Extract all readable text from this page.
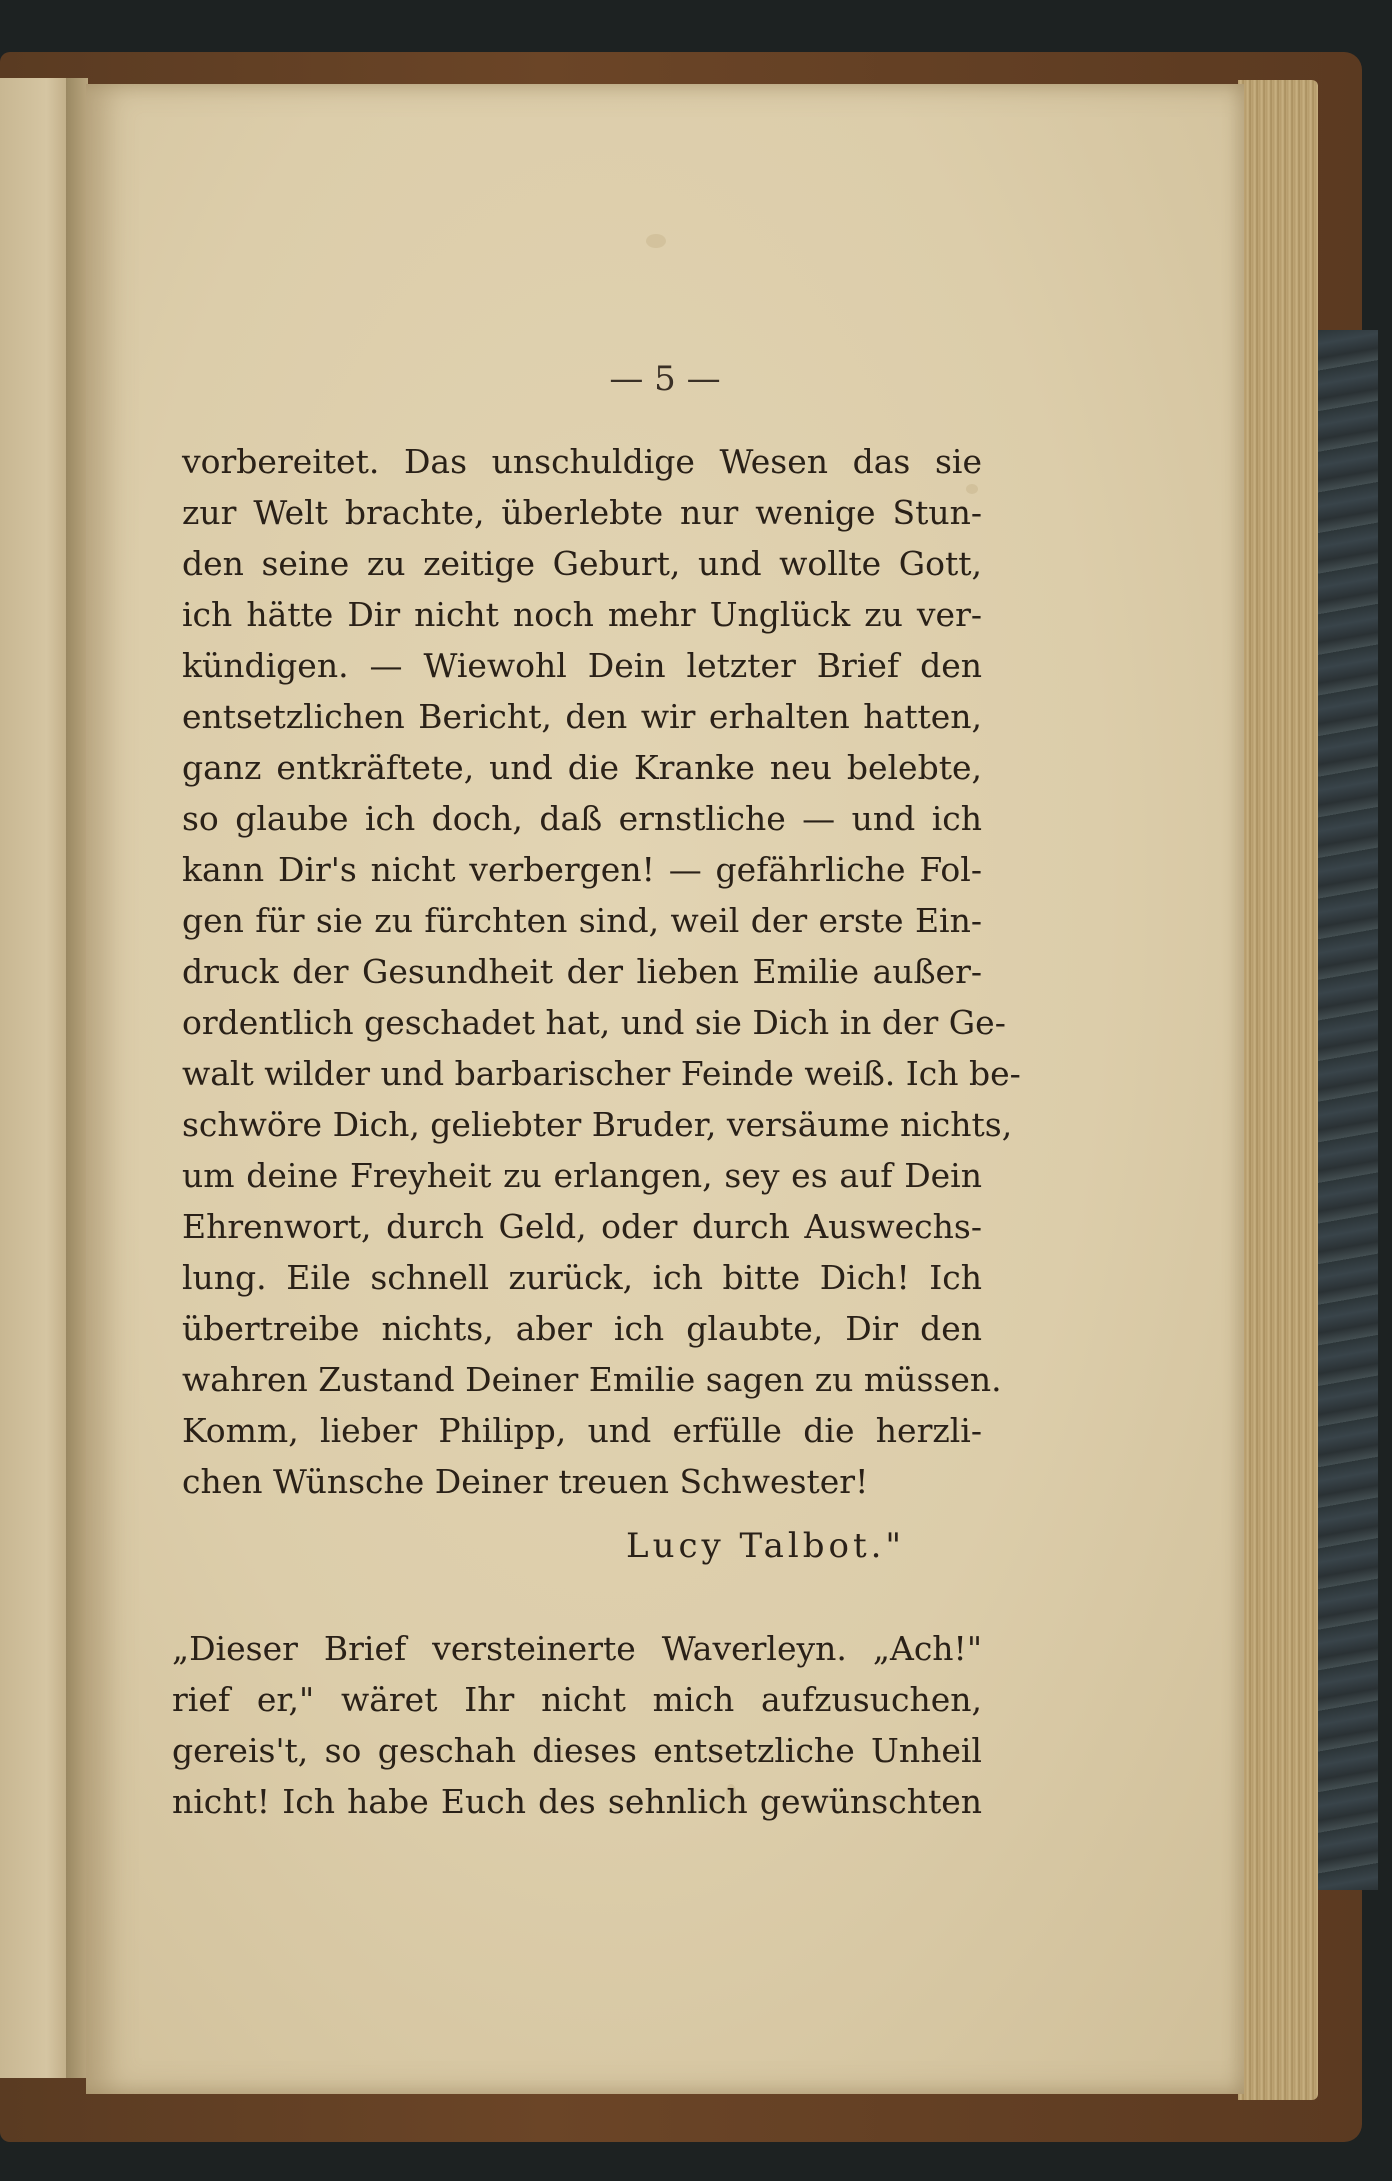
— 5 —
vorbereitet. Das unschuldige Wesen das sie
zur Welt brachte, überlebte nur wenige Stun-
den seine zu zeitige Geburt, und wollte Gott,
ich hätte Dir nicht noch mehr Unglück zu ver-
kündigen. — Wiewohl Dein letzter Brief den
entsetzlichen Bericht, den wir erhalten hatten,
ganz entkräftete, und die Kranke neu belebte,
so glaube ich doch, daß ernstliche — und ich
kann Dir's nicht verbergen! — gefährliche Fol-
gen für sie zu fürchten sind, weil der erste Ein-
druck der Gesundheit der lieben Emilie außer-
ordentlich geschadet hat, und sie Dich in der Ge-
walt wilder und barbarischer Feinde weiß. Ich be-
schwöre Dich, geliebter Bruder, versäume nichts,
um deine Freyheit zu erlangen, sey es auf Dein
Ehrenwort, durch Geld, oder durch Auswechs-
lung. Eile schnell zurück, ich bitte Dich! Ich
übertreibe nichts, aber ich glaubte, Dir den
wahren Zustand Deiner Emilie sagen zu müssen.
Komm, lieber Philipp, und erfülle die herzli-
chen Wünsche Deiner treuen Schwester!
Lucy Talbot."
„Dieser Brief versteinerte Waverleyn. „Ach!"
rief er," wäret Ihr nicht mich aufzusuchen,
gereis't, so geschah dieses entsetzliche Unheil
nicht! Ich habe Euch des sehnlich gewünschten
